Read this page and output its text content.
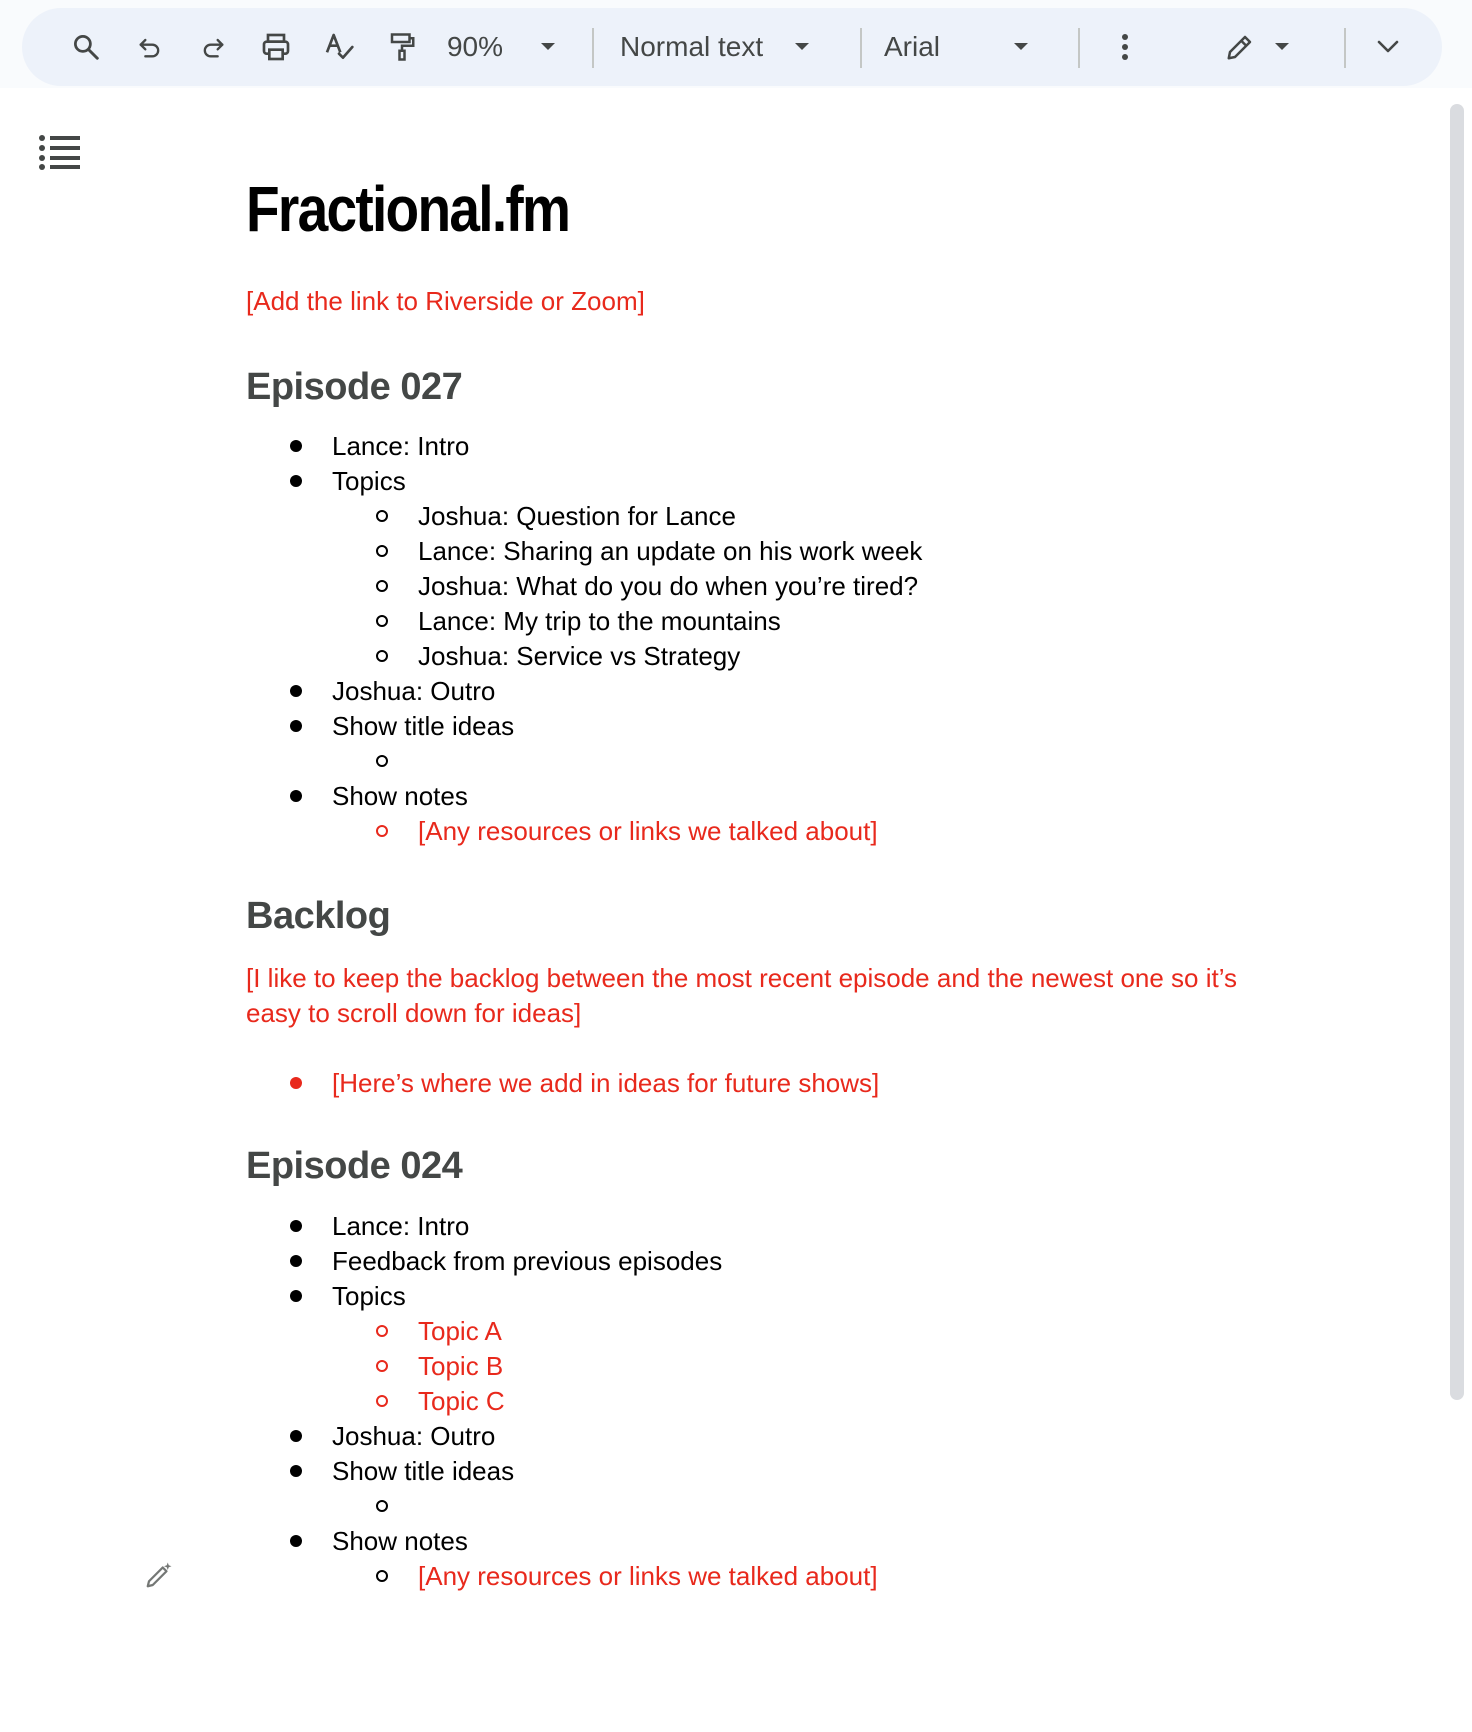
90%	Normal text	Arial
Fractional.fm
[Add the link to Riverside or Zoom]
Episode 027
Lance: Intro
Topics
Joshua: Question for Lance
Lance: Sharing an update on his work week
Joshua: What do you do when you’re tired?
Lance: My trip to the mountains
Joshua: Service vs Strategy
Joshua: Outro
Show title ideas
Show notes
[Any resources or links we talked about]
Backlog
[I like to keep the backlog between the most recent episode and the newest one so it’s
easy to scroll down for ideas]
[Here’s where we add in ideas for future shows]
Episode 024
Lance: Intro
Feedback from previous episodes
Topics
Topic A
Topic B
Topic C
Joshua: Outro
Show title ideas
Show notes
[Any resources or links we talked about]
